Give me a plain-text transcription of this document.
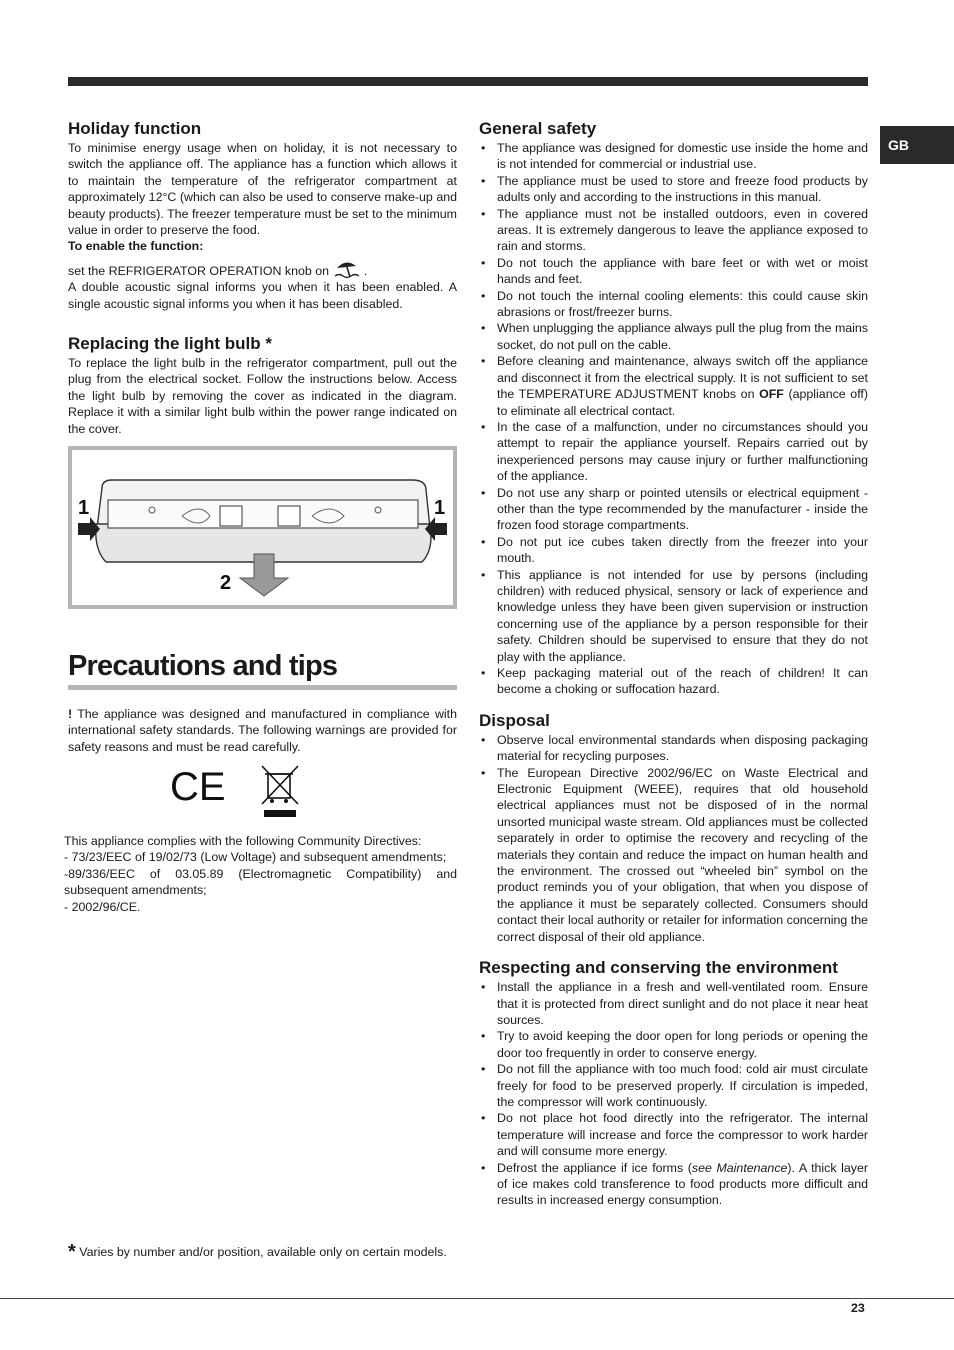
GB
Holiday function

To minimise energy usage when on holiday, it is not necessary to switch the appliance off. The appliance has a function which allows it to maintain the temperature of the refrigerator compartment at approximately 12°C (which can also be used to conserve make-up and beauty products). The freezer temperature must be set to the minimum value in order to preserve the food.

To enable the function:
set the REFRIGERATOR OPERATION knob on	.

A double acoustic signal informs you when it has been enabled. A single acoustic signal informs you when it has been disabled.

Replacing the light bulb *

To replace the light bulb in the refrigerator compartment, pull out the plug from the electrical socket. Follow the instructions below. Access the light bulb by removing the cover as indicated in the diagram. Replace it with a similar light bulb within the power range indicated on the cover.

1	1
2
Precautions and tips
! The appliance was designed and manufactured in compliance with international safety standards. The following warnings are provided for safety reasons and must be read carefully.
CE
This appliance complies with the following Community Directives:
- 73/23/EEC of 19/02/73 (Low Voltage) and subsequent amendments;
-89/336/EEC of 03.05.89 (Electromagnetic Compatibility) and subsequent amendments;
- 2002/96/CE.
* Varies by number and/or position, available only on certain models.
General safety
• The appliance was designed for domestic use inside the home and is not intended for commercial or industrial use.
• The appliance must be used to store and freeze food products by adults only and according to the instructions in this manual.
• The appliance must not be installed outdoors, even in covered areas. It is extremely dangerous to leave the appliance exposed to rain and storms.
• Do not touch the appliance with bare feet or with wet or moist hands and feet.
• Do not touch the internal cooling elements: this could cause skin abrasions or frost/freezer burns.
• When unplugging the appliance always pull the plug from the mains socket, do not pull on the cable.
• Before cleaning and maintenance, always switch off the appliance and disconnect it from the electrical supply. It is not sufficient to set the TEMPERATURE ADJUSTMENT knobs on OFF (appliance off) to eliminate all electrical contact.
• In the case of a malfunction, under no circumstances should you attempt to repair the appliance yourself. Repairs carried out by inexperienced persons may cause injury or further malfunctioning of the appliance.
• Do not use any sharp or pointed utensils or electrical equipment - other than the type recommended by the manufacturer - inside the frozen food storage compartments.
• Do not put ice cubes taken directly from the freezer into your mouth.
• This appliance is not intended for use by persons (including children) with reduced physical, sensory or lack of experience and knowledge unless they have been given supervision or instruction concerning use of the appliance by a person responsible for their safety. Children should be supervised to ensure that they do not play with the appliance.
• Keep packaging material out of the reach of children! It can become a choking or suffocation hazard.
Disposal
• Observe local environmental standards when disposing packaging material for recycling purposes.
• The European Directive 2002/96/EC on Waste Electrical and Electronic Equipment (WEEE), requires that old household electrical appliances must not be disposed of in the normal unsorted municipal waste stream. Old appliances must be collected separately in order to optimise the recovery and recycling of the materials they contain and reduce the impact on human health and the environment. The crossed out “wheeled bin” symbol on the product reminds you of your obligation, that when you dispose of the appliance it must be separately collected. Consumers should contact their local authority or retailer for information concerning the correct disposal of their old appliance.
Respecting and conserving the environment
• Install the appliance in a fresh and well-ventilated room. Ensure that it is protected from direct sunlight and do not place it near heat sources.
• Try to avoid keeping the door open for long periods or opening the door too frequently in order to conserve energy.
• Do not fill the appliance with too much food: cold air must circulate freely for food to be preserved properly. If circulation is impeded, the compressor will work continuously.
• Do not place hot food directly into the refrigerator. The internal temperature will increase and force the compressor to work harder and will consume more energy.
• Defrost the appliance if ice forms (see Maintenance). A thick layer of ice makes cold transference to food products more difficult and results in increased energy consumption.
23
